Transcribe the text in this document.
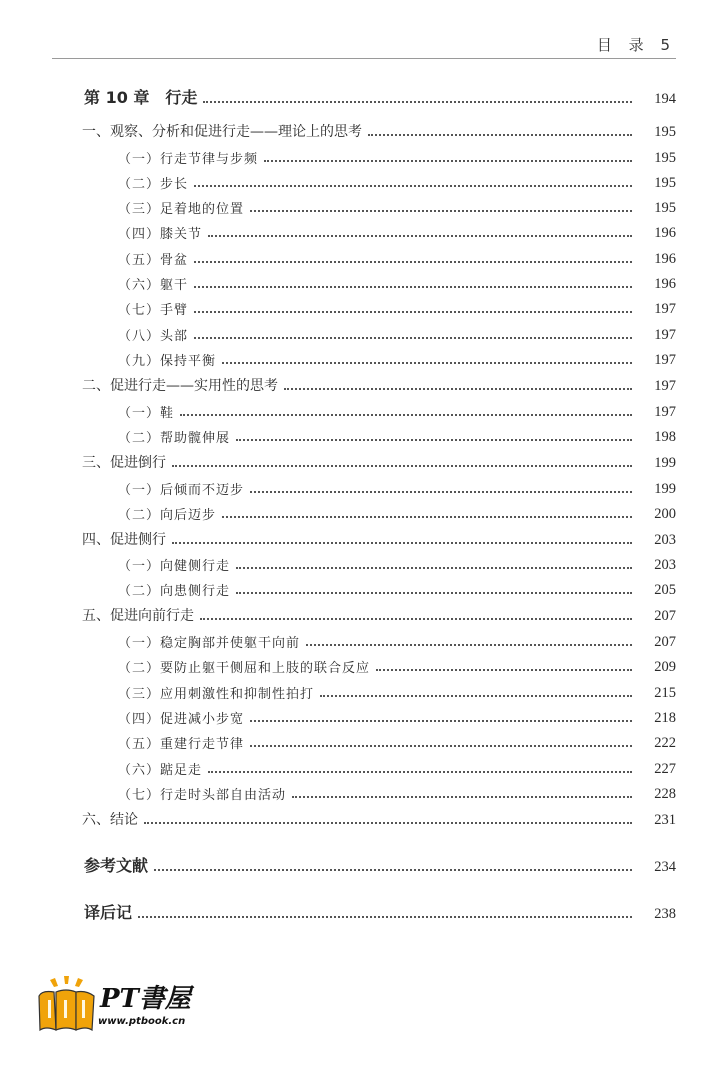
目 录 5
第 10 章　行走	194
一、观察、分析和促进行走——理论上的思考	195
（一）行走节律与步频	195
（二）步长	195
（三）足着地的位置	195
（四）膝关节	196
（五）骨盆	196
（六）躯干	196
（七）手臂	197
（八）头部	197
（九）保持平衡	197
二、促进行走——实用性的思考	197
（一）鞋	197
（二）帮助髋伸展	198
三、促进倒行	199
（一）后倾而不迈步	199
（二）向后迈步	200
四、促进侧行	203
（一）向健侧行走	203
（二）向患侧行走	205
五、促进向前行走	207
（一）稳定胸部并使躯干向前	207
（二）要防止躯干侧屈和上肢的联合反应	209
（三）应用刺激性和抑制性拍打	215
（四）促进减小步宽	218
（五）重建行走节律	222
（六）踮足走	227
（七）行走时头部自由活动	228
六、结论	231
参考文献	234
译后记	238
PT書屋
www.ptbook.cn
